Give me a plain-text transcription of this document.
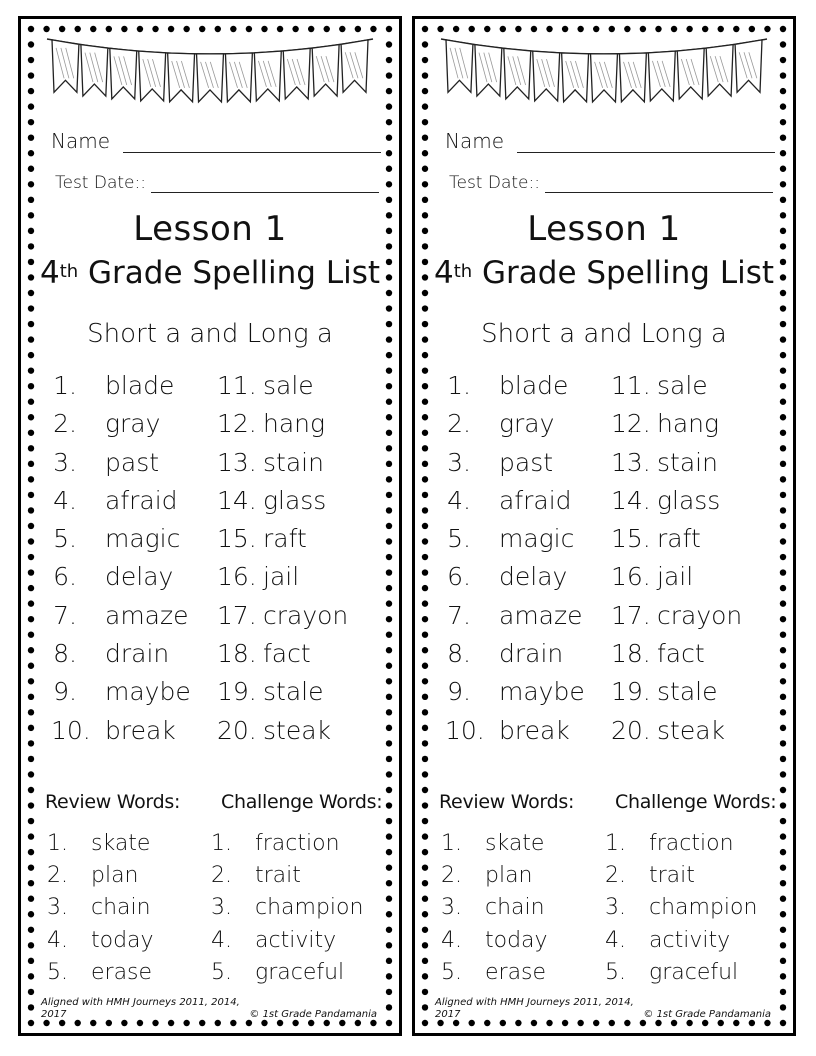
Name
Test Date::
Lesson 1
4th Grade Spelling List
Short a and Long a
1. blade
2. gray
3. past
4. afraid
5. magic
6. delay
7. amaze
8. drain
9. maybe
10. break
11. sale
12. hang
13. stain
14. glass
15. raft
16. jail
17. crayon
18. fact
19. stale
20. steak
Review Words: Challenge Words:
1. skate
2. plan
3. chain
4. today
5. erase
1. fraction
2. trait
3. champion
4. activity
5. graceful
Aligned with HMH Journeys 2011, 2014, 2017	© 1st Grade Pandamania
Name
Test Date::
Lesson 1
4th Grade Spelling List
Short a and Long a
1. blade
2. gray
3. past
4. afraid
5. magic
6. delay
7. amaze
8. drain
9. maybe
10. break
11. sale
12. hang
13. stain
14. glass
15. raft
16. jail
17. crayon
18. fact
19. stale
20. steak
Review Words: Challenge Words:
1. skate
2. plan
3. chain
4. today
5. erase
1. fraction
2. trait
3. champion
4. activity
5. graceful
Aligned with HMH Journeys 2011, 2014, 2017	© 1st Grade Pandamania
